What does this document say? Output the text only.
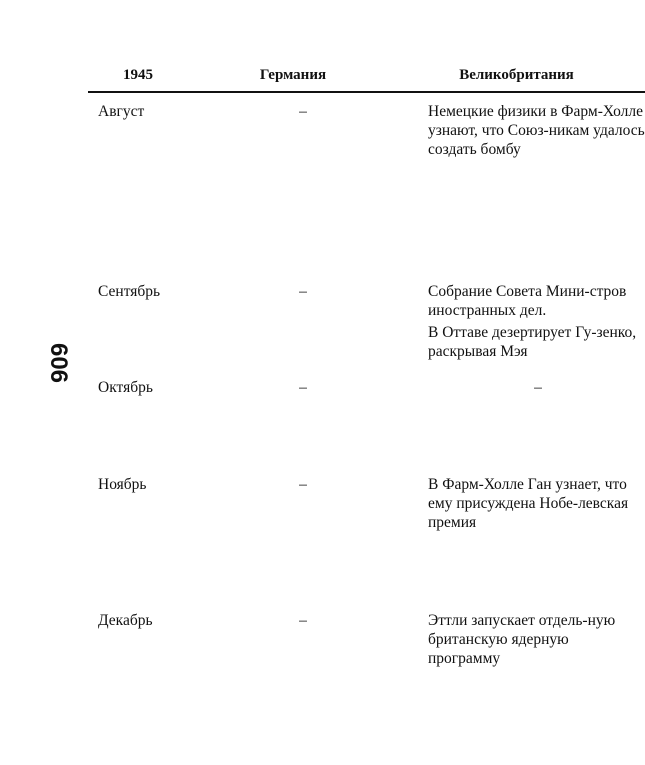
606
1945	Германия	Великобритания
Август	–	Немецкие физики в Фарм-Холле узнают, что Союз-никам удалось создать бомбу

Сентябрь	–	Собрание Совета Мини-стров иностранных дел.

В Оттаве дезертирует Гу-зенко, раскрывая Мэя

Октябрь	–	–

Ноябрь	–	В Фарм-Холле Ган узнает, что ему присуждена Нобе-левская премия

Декабрь	–	Эттли запускает отдель-ную британскую ядерную программу
